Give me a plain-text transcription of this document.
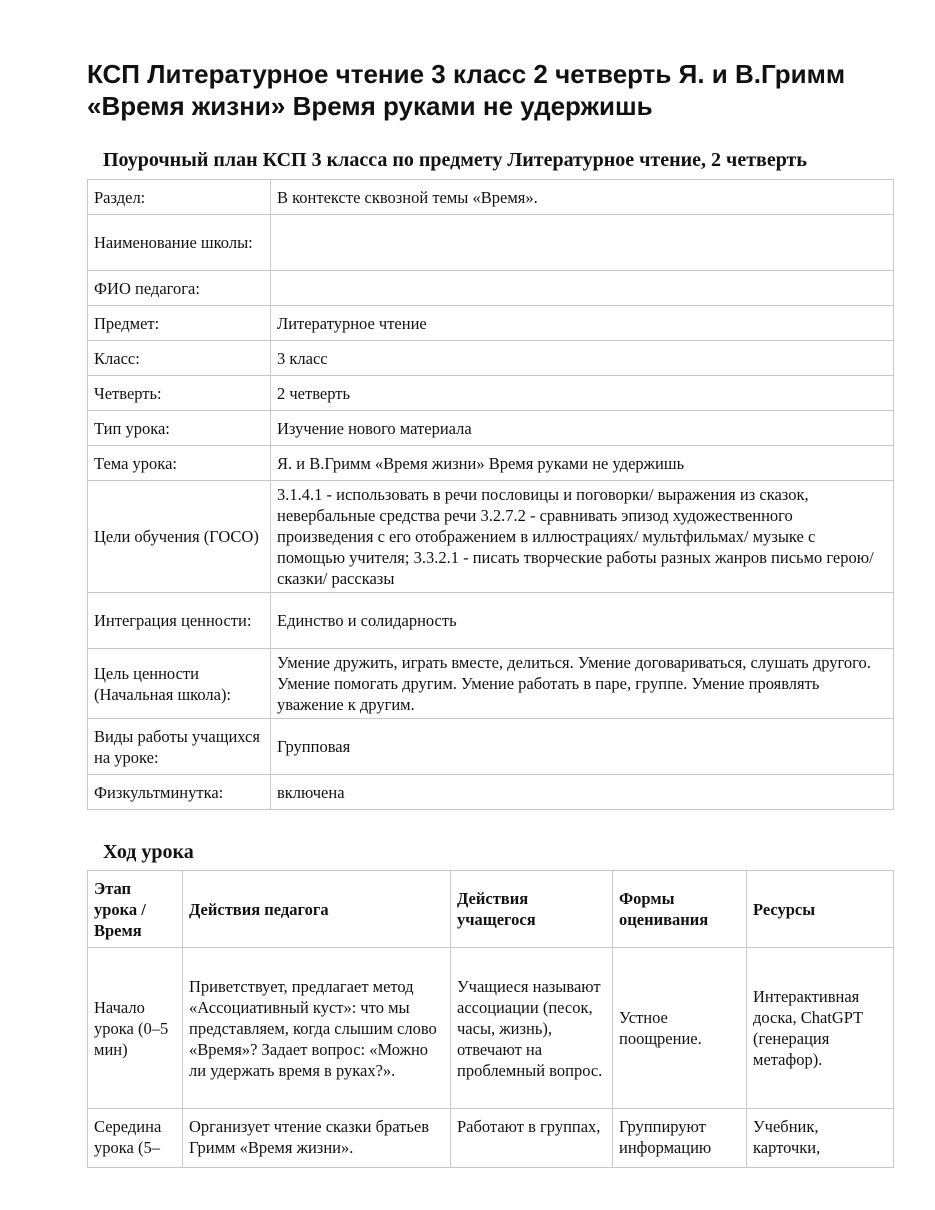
КСП Литературное чтение 3 класс 2 четверть Я. и В.Гримм «Время жизни» Время руками не удержишь
Поурочный план КСП 3 класса по предмету Литературное чтение, 2 четверть
Раздел:	В контексте сквозной темы «Время».
Наименование школы:	
ФИО педагога:	
Предмет:	Литературное чтение
Класс:	3 класс
Четверть:	2 четверть
Тип урока:	Изучение нового материала
Тема урока:	Я. и В.Гримм «Время жизни» Время руками не удержишь
Цели обучения (ГОСО)	3.1.4.1 - использовать в речи пословицы и поговорки/ выражения из сказок, невербальные средства речи 3.2.7.2 - сравнивать эпизод художественного произведения с его отображением в иллюстрациях/ мультфильмах/ музыке с помощью учителя; 3.3.2.1 - писать творческие работы разных жанров письмо герою/ сказки/ рассказы
Интеграция ценности:	Единство и солидарность
Цель ценности (Начальная школа):	Умение дружить, играть вместе, делиться. Умение договариваться, слушать другого. Умение помогать другим. Умение работать в паре, группе. Умение проявлять уважение к другим.
Виды работы учащихся на уроке:	Групповая
Физкультминутка:	включена
Ход урока
Этап урока / Время	Действия педагога	Действия учащегося	Формы оценивания	Ресурсы
Начало урока (0–5 мин)	Приветствует, предлагает метод «Ассоциативный куст»: что мы представляем, когда слышим слово «Время»? Задает вопрос: «Можно ли удержать время в руках?».	Учащиеся называют ассоциации (песок, часы, жизнь), отвечают на проблемный вопрос.	Устное поощрение.	Интерактивная доска, ChatGPT (генерация метафор).
Середина урока (5–	Организует чтение сказки братьев Гримм «Время жизни».	Работают в группах,	Группируют информацию	Учебник, карточки,
